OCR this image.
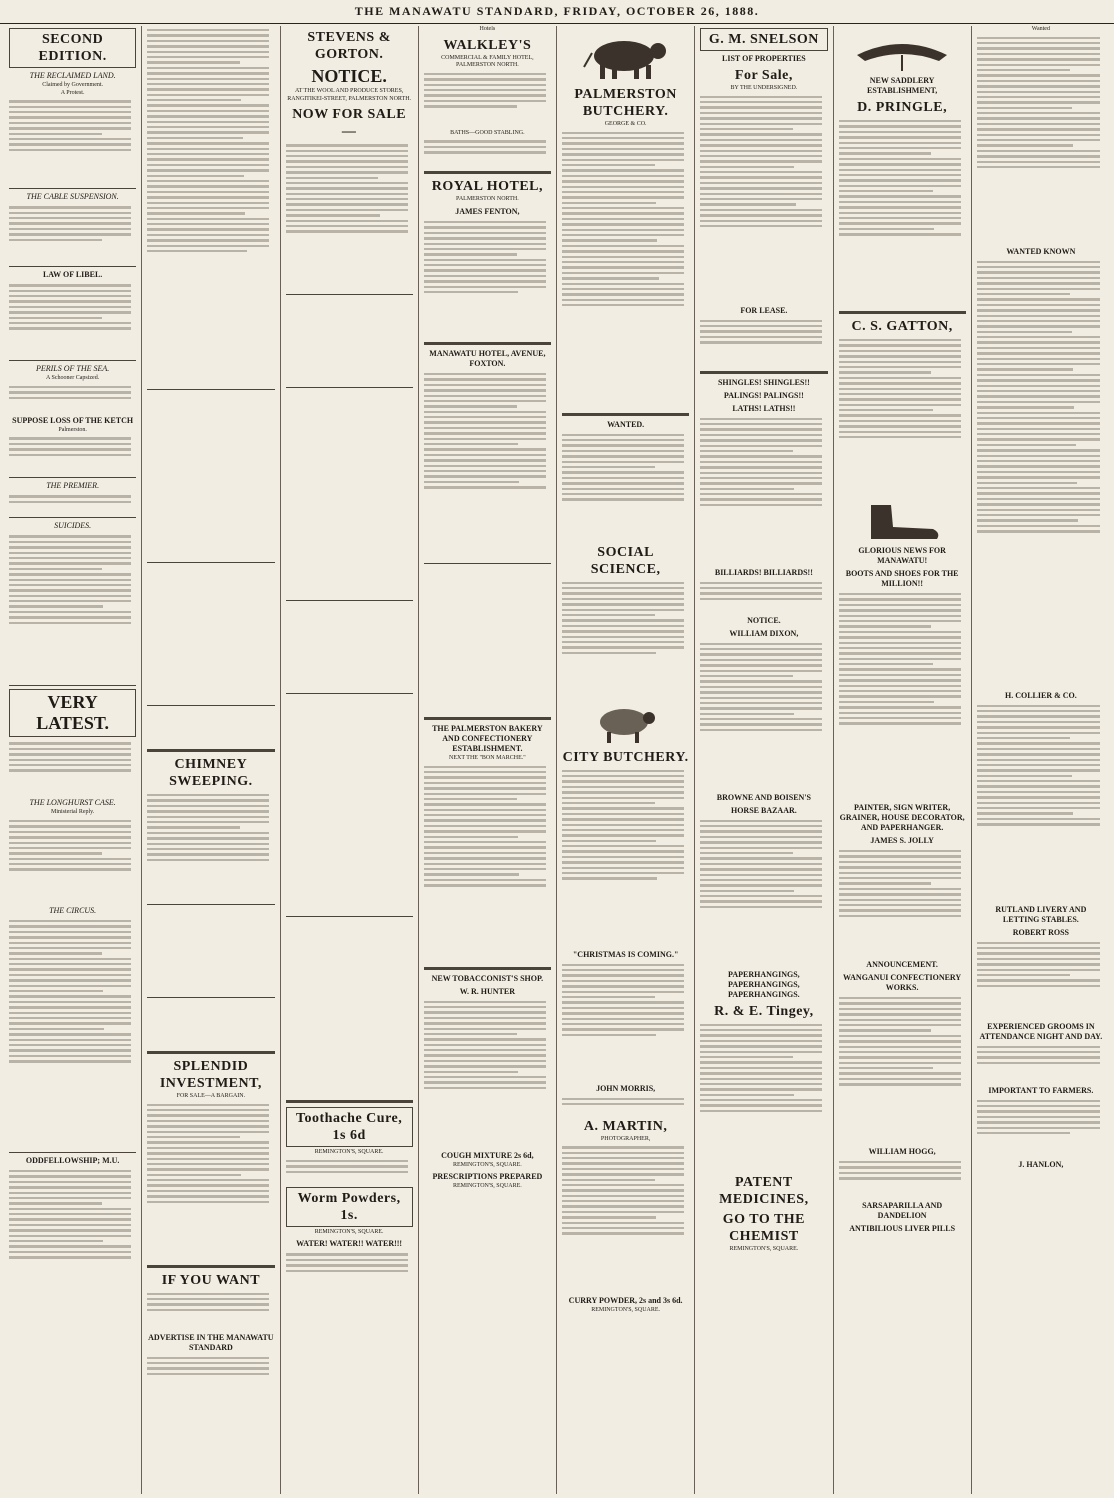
THE MANAWATU STANDARD, FRIDAY, OCTOBER 26, 1888.
SECOND EDITION.
THE RECLAIMED LAND.
Claimed by Government.
A Protest.
THE CABLE SUSPENSION.
LAW OF LIBEL.
PERILS OF THE SEA.
A Schooner Capsized.
SUPPOSE LOSS OF THE KETCH
Palmerston.
THE PREMIER.
SUICIDES.
VERY LATEST.
THE LONGHURST CASE.
Ministerial Reply.
THE CIRCUS.
ODDFELLOWSHIP; M.U.
CHIMNEY SWEEPING.
SPLENDID INVESTMENT,
FOR SALE—A BARGAIN.
IF YOU WANT
ADVERTISE IN THE MANAWATU STANDARD
STEVENS & GORTON.
NOTICE.
AT THE WOOL AND PRODUCE STORES,
RANGITIKEI-STREET, PALMERSTON NORTH.
NOW FOR SALE—
Toothache Cure, 1s 6d
REMINGTON'S, SQUARE.
Worm Powders, 1s.
REMINGTON'S, SQUARE.
WATER! WATER!! WATER!!!
Hotels
WALKLEY'S
COMMERCIAL & FAMILY HOTEL, PALMERSTON NORTH.
BATHS—GOOD STABLING.
ROYAL HOTEL,
PALMERSTON NORTH.
JAMES FENTON,
MANAWATU HOTEL, AVENUE, FOXTON.
THE PALMERSTON BAKERY AND CONFECTIONERY ESTABLISHMENT.
NEXT THE "BON MARCHE."
NEW TOBACCONIST'S SHOP.
W. R. HUNTER
COUGH MIXTURE 2s 6d,
REMINGTON'S, SQUARE.
PRESCRIPTIONS PREPARED
REMINGTON'S, SQUARE.
PALMERSTON BUTCHERY.
GEORGE & CO.
WANTED.
SOCIAL SCIENCE,
CITY BUTCHERY.
"CHRISTMAS IS COMING."
JOHN MORRIS,
A. MARTIN,
PHOTOGRAPHER,
CURRY POWDER, 2s and 3s 6d.
REMINGTON'S, SQUARE.
G. M. SNELSON
LIST OF PROPERTIES
For Sale,
BY THE UNDERSIGNED.
FOR LEASE.
SHINGLES! SHINGLES!!
PALINGS! PALINGS!!
LATHS! LATHS!!
BILLIARDS! BILLIARDS!!
NOTICE.
WILLIAM DIXON,
BROWNE AND BOISEN'S
HORSE BAZAAR.
PAPERHANGINGS, PAPERHANGINGS, PAPERHANGINGS.
R. & E. Tingey,
PATENT MEDICINES,
GO TO THE CHEMIST
REMINGTON'S, SQUARE.
NEW SADDLERY ESTABLISHMENT,
D. PRINGLE,
C. S. GATTON,
GLORIOUS NEWS FOR MANAWATU!
BOOTS AND SHOES FOR THE MILLION!!
PAINTER, SIGN WRITER, GRAINER, HOUSE DECORATOR, AND PAPERHANGER.
JAMES S. JOLLY
ANNOUNCEMENT.
WANGANUI CONFECTIONERY WORKS.
WILLIAM HOGG,
SARSAPARILLA AND DANDELION
ANTIBILIOUS LIVER PILLS
Wanted
WANTED KNOWN
H. COLLIER & CO.
RUTLAND LIVERY AND LETTING STABLES.
ROBERT ROSS
EXPERIENCED GROOMS IN ATTENDANCE NIGHT AND DAY.
IMPORTANT TO FARMERS.
J. HANLON,
